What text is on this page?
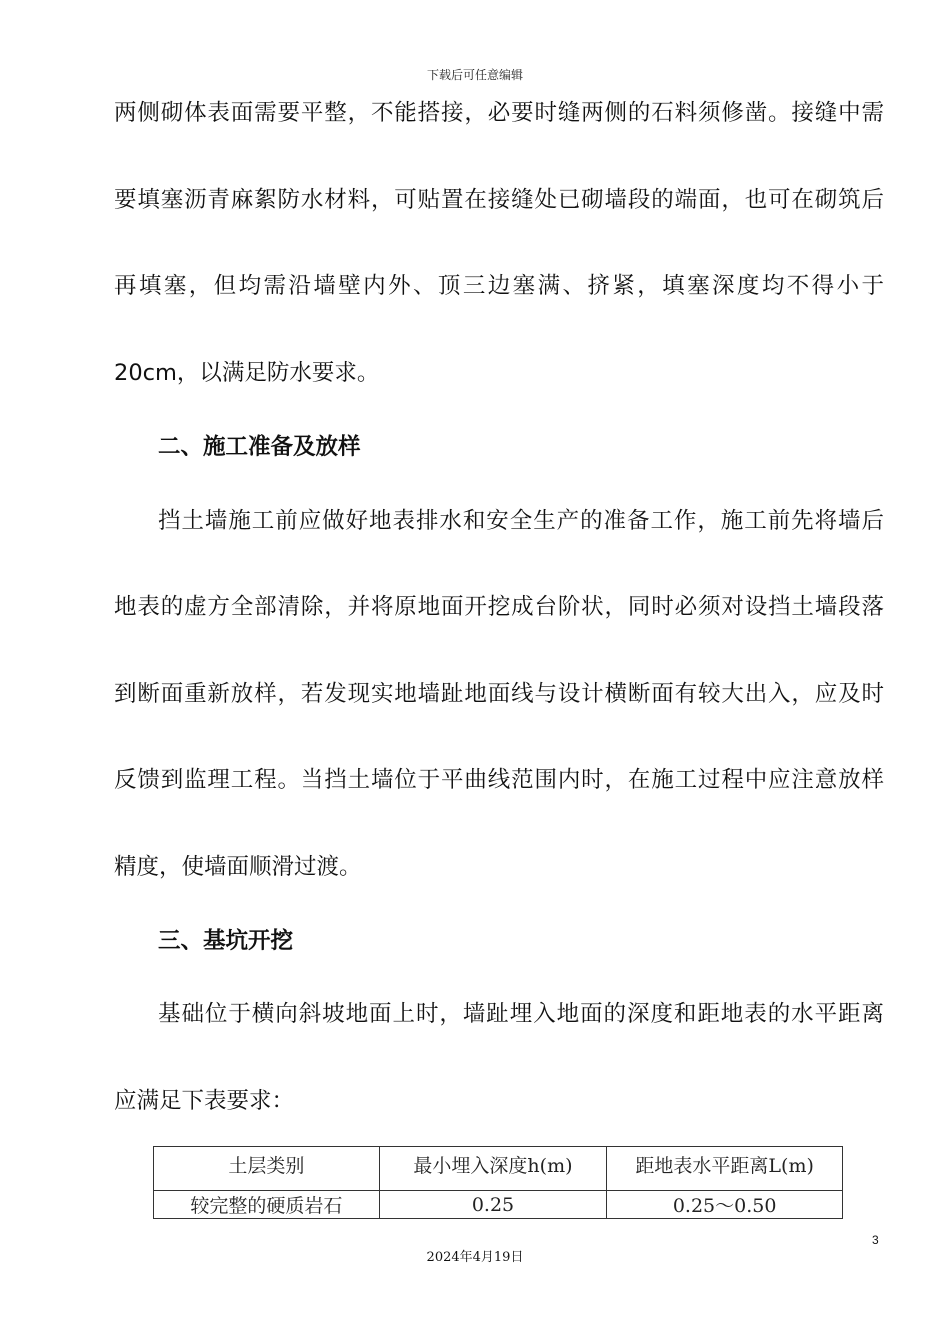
下载后可任意编辑
两侧砌体表面需要平整，不能搭接，必要时缝两侧的石料须修凿。接缝中需
要填塞沥青麻絮防水材料，可贴置在接缝处已砌墙段的端面，也可在砌筑后
再填塞，但均需沿墙壁内外、顶三边塞满、挤紧，填塞深度均不得小于
20cm，以满足防水要求。
二、施工准备及放样
挡土墙施工前应做好地表排水和安全生产的准备工作，施工前先将墙后
地表的虚方全部清除，并将原地面开挖成台阶状，同时必须对设挡土墙段落
到断面重新放样，若发现实地墙趾地面线与设计横断面有较大出入，应及时
反馈到监理工程。当挡土墙位于平曲线范围内时，在施工过程中应注意放样
精度，使墙面顺滑过渡。
三、基坑开挖
基础位于横向斜坡地面上时，墙趾埋入地面的深度和距地表的水平距离
应满足下表要求：
土层类别	最小埋入深度h(m)	距地表水平距离L(m)
较完整的硬质岩石	0.25	0.25～0.50
3
2024年4月19日
